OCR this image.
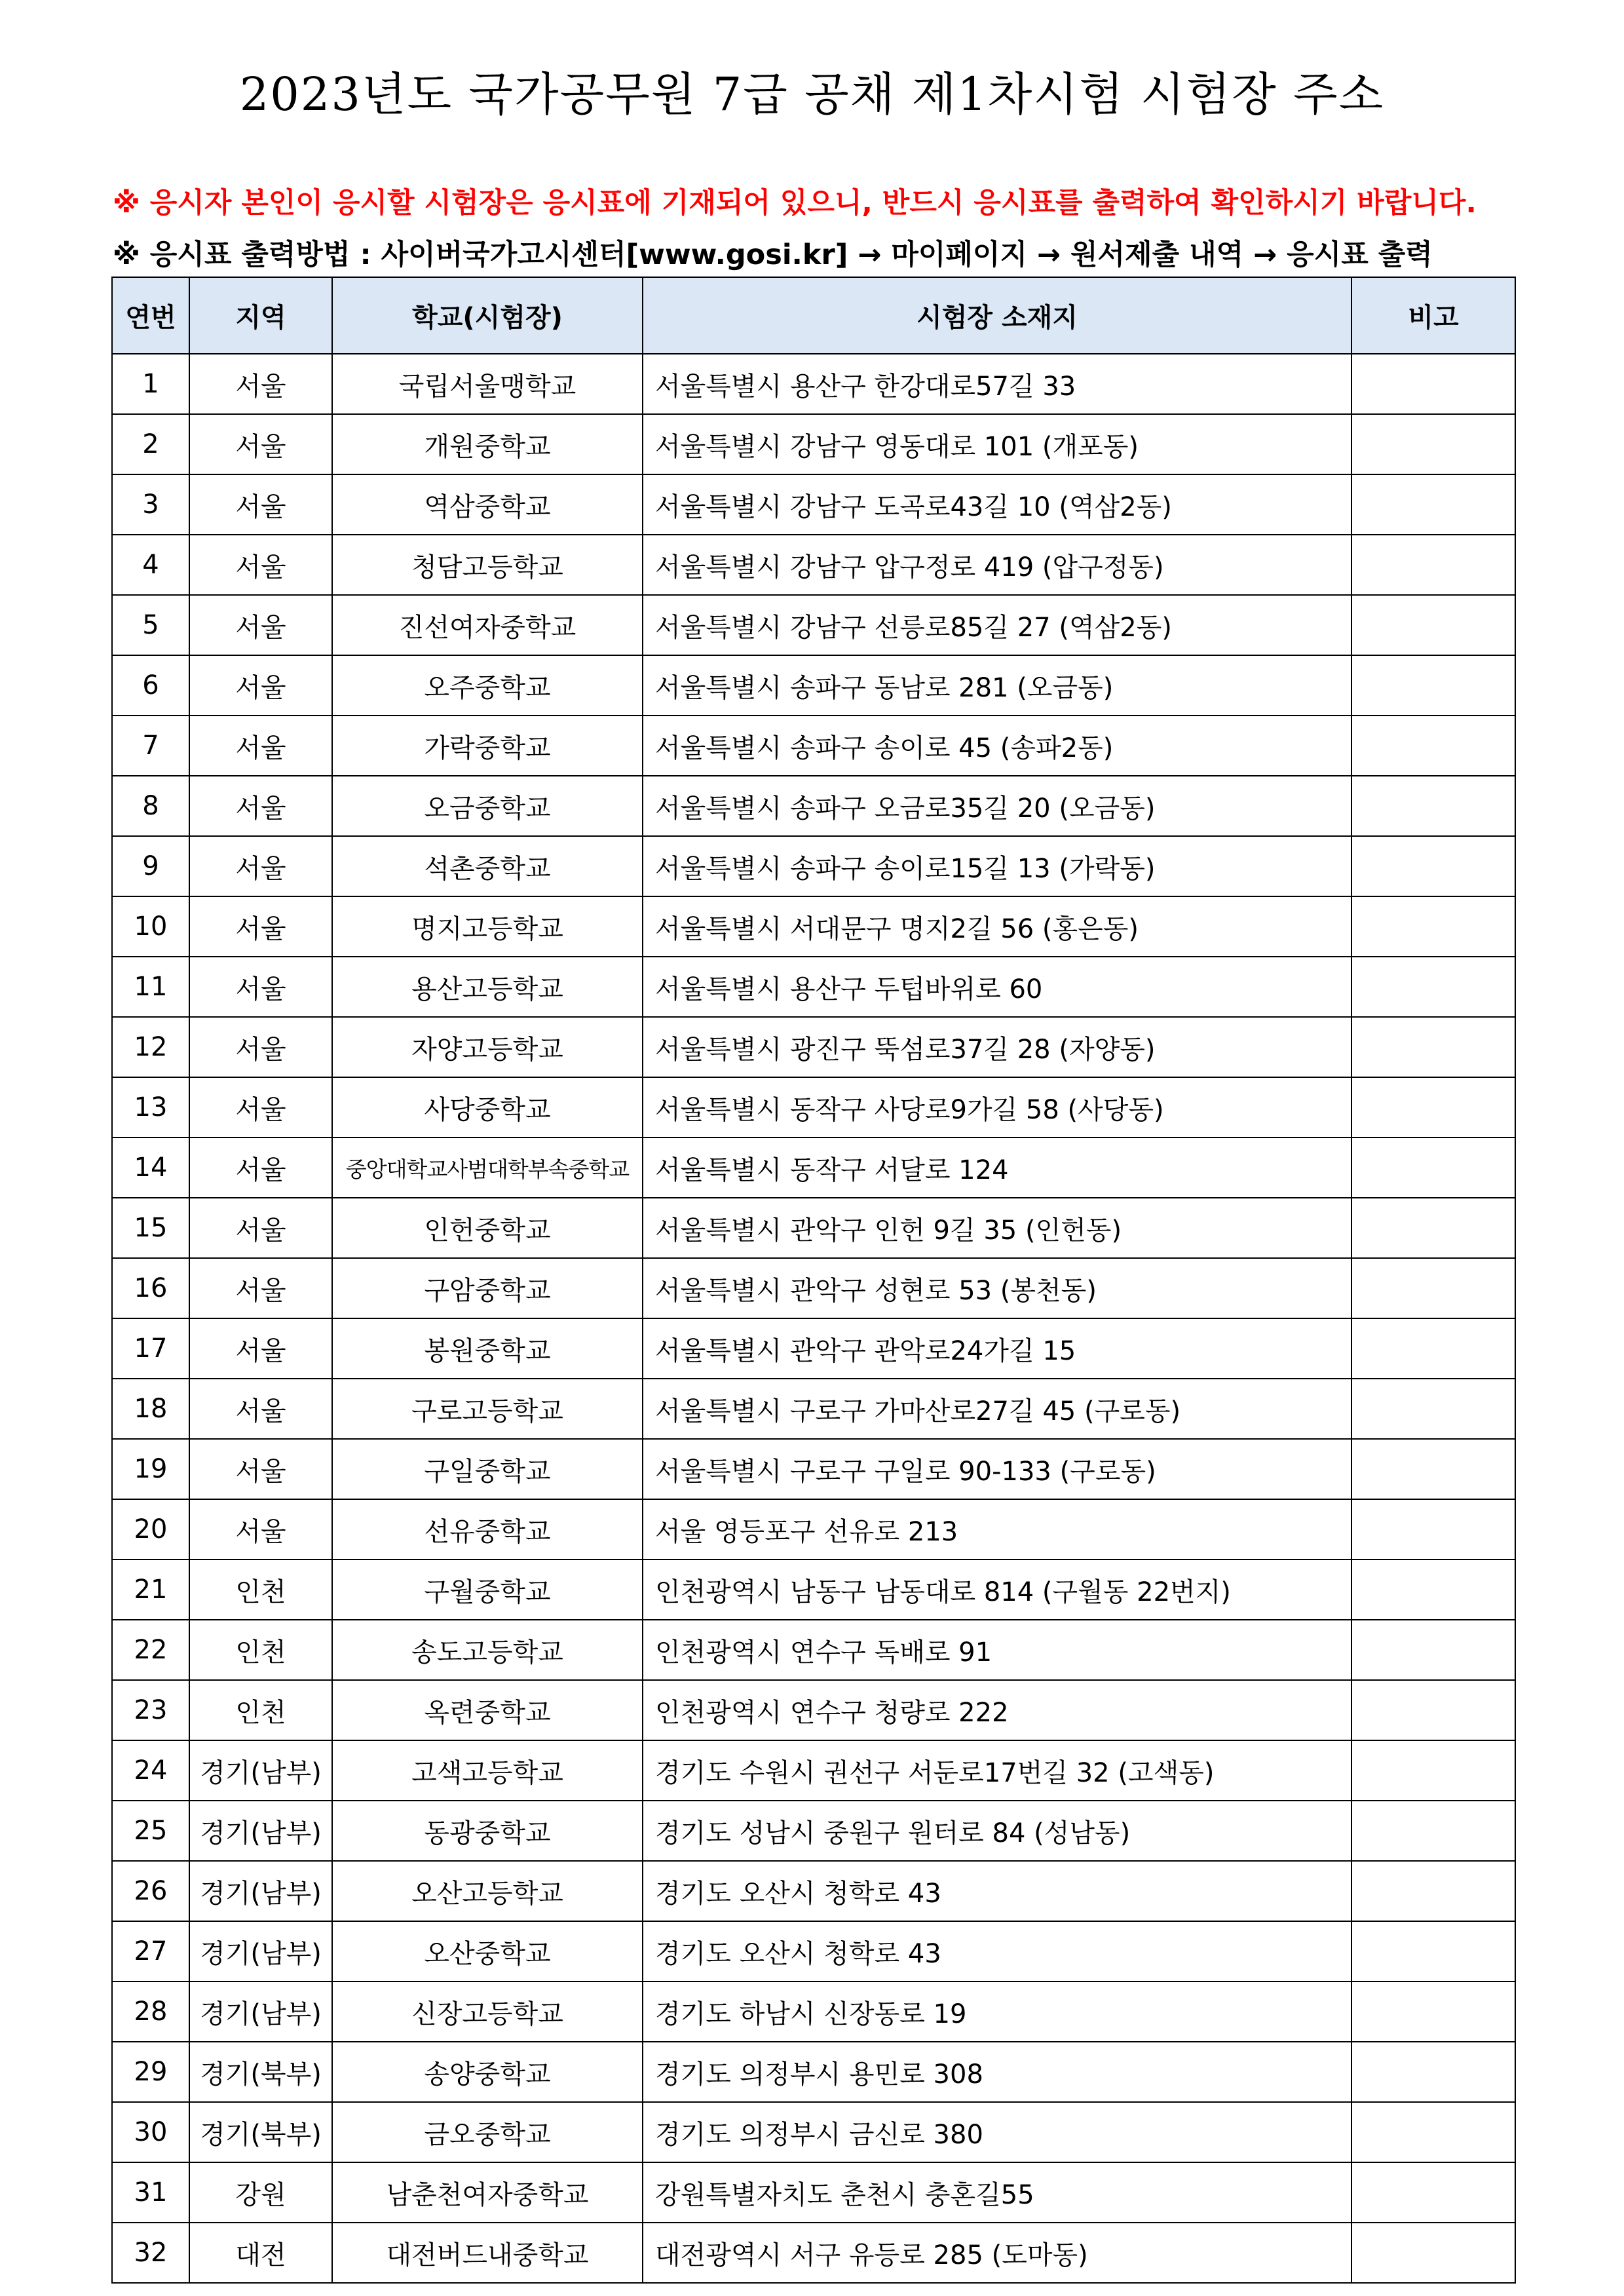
2023년도 국가공무원 7급 공채 제1차시험 시험장 주소
※ 응시자 본인이 응시할 시험장은 응시표에 기재되어 있으니, 반드시 응시표를 출력하여 확인하시기 바랍니다.
※ 응시표 출력방법 : 사이버국가고시센터[www.gosi.kr] → 마이페이지 → 원서제출 내역 → 응시표 출력
연번	지역	학교(시험장)	시험장 소재지	비고
1	서울	국립서울맹학교	서울특별시 용산구 한강대로57길 33	
2	서울	개원중학교	서울특별시 강남구 영동대로 101 (개포동)	
3	서울	역삼중학교	서울특별시 강남구 도곡로43길 10 (역삼2동)	
4	서울	청담고등학교	서울특별시 강남구 압구정로 419 (압구정동)	
5	서울	진선여자중학교	서울특별시 강남구 선릉로85길 27 (역삼2동)	
6	서울	오주중학교	서울특별시 송파구 동남로 281 (오금동)	
7	서울	가락중학교	서울특별시 송파구 송이로 45 (송파2동)	
8	서울	오금중학교	서울특별시 송파구 오금로35길 20 (오금동)	
9	서울	석촌중학교	서울특별시 송파구 송이로15길 13 (가락동)	
10	서울	명지고등학교	서울특별시 서대문구 명지2길 56 (홍은동)	
11	서울	용산고등학교	서울특별시 용산구 두텁바위로 60	
12	서울	자양고등학교	서울특별시 광진구 뚝섬로37길 28 (자양동)	
13	서울	사당중학교	서울특별시 동작구 사당로9가길 58 (사당동)	
14	서울	중앙대학교사범대학부속중학교	서울특별시 동작구 서달로 124	
15	서울	인헌중학교	서울특별시 관악구 인헌 9길 35 (인헌동)	
16	서울	구암중학교	서울특별시 관악구 성현로 53 (봉천동)	
17	서울	봉원중학교	서울특별시 관악구 관악로24가길 15	
18	서울	구로고등학교	서울특별시 구로구 가마산로27길 45 (구로동)	
19	서울	구일중학교	서울특별시 구로구 구일로 90-133 (구로동)	
20	서울	선유중학교	서울 영등포구 선유로 213	
21	인천	구월중학교	인천광역시 남동구 남동대로 814 (구월동 22번지)	
22	인천	송도고등학교	인천광역시 연수구 독배로 91	
23	인천	옥련중학교	인천광역시 연수구 청량로 222	
24	경기(남부)	고색고등학교	경기도 수원시 권선구 서둔로17번길 32 (고색동)	
25	경기(남부)	동광중학교	경기도 성남시 중원구 원터로 84 (성남동)	
26	경기(남부)	오산고등학교	경기도 오산시 청학로 43	
27	경기(남부)	오산중학교	경기도 오산시 청학로 43	
28	경기(남부)	신장고등학교	경기도 하남시 신장동로 19	
29	경기(북부)	송양중학교	경기도 의정부시 용민로 308	
30	경기(북부)	금오중학교	경기도 의정부시 금신로 380	
31	강원	남춘천여자중학교	강원특별자치도 춘천시 충혼길55	
32	대전	대전버드내중학교	대전광역시 서구 유등로 285 (도마동)	
